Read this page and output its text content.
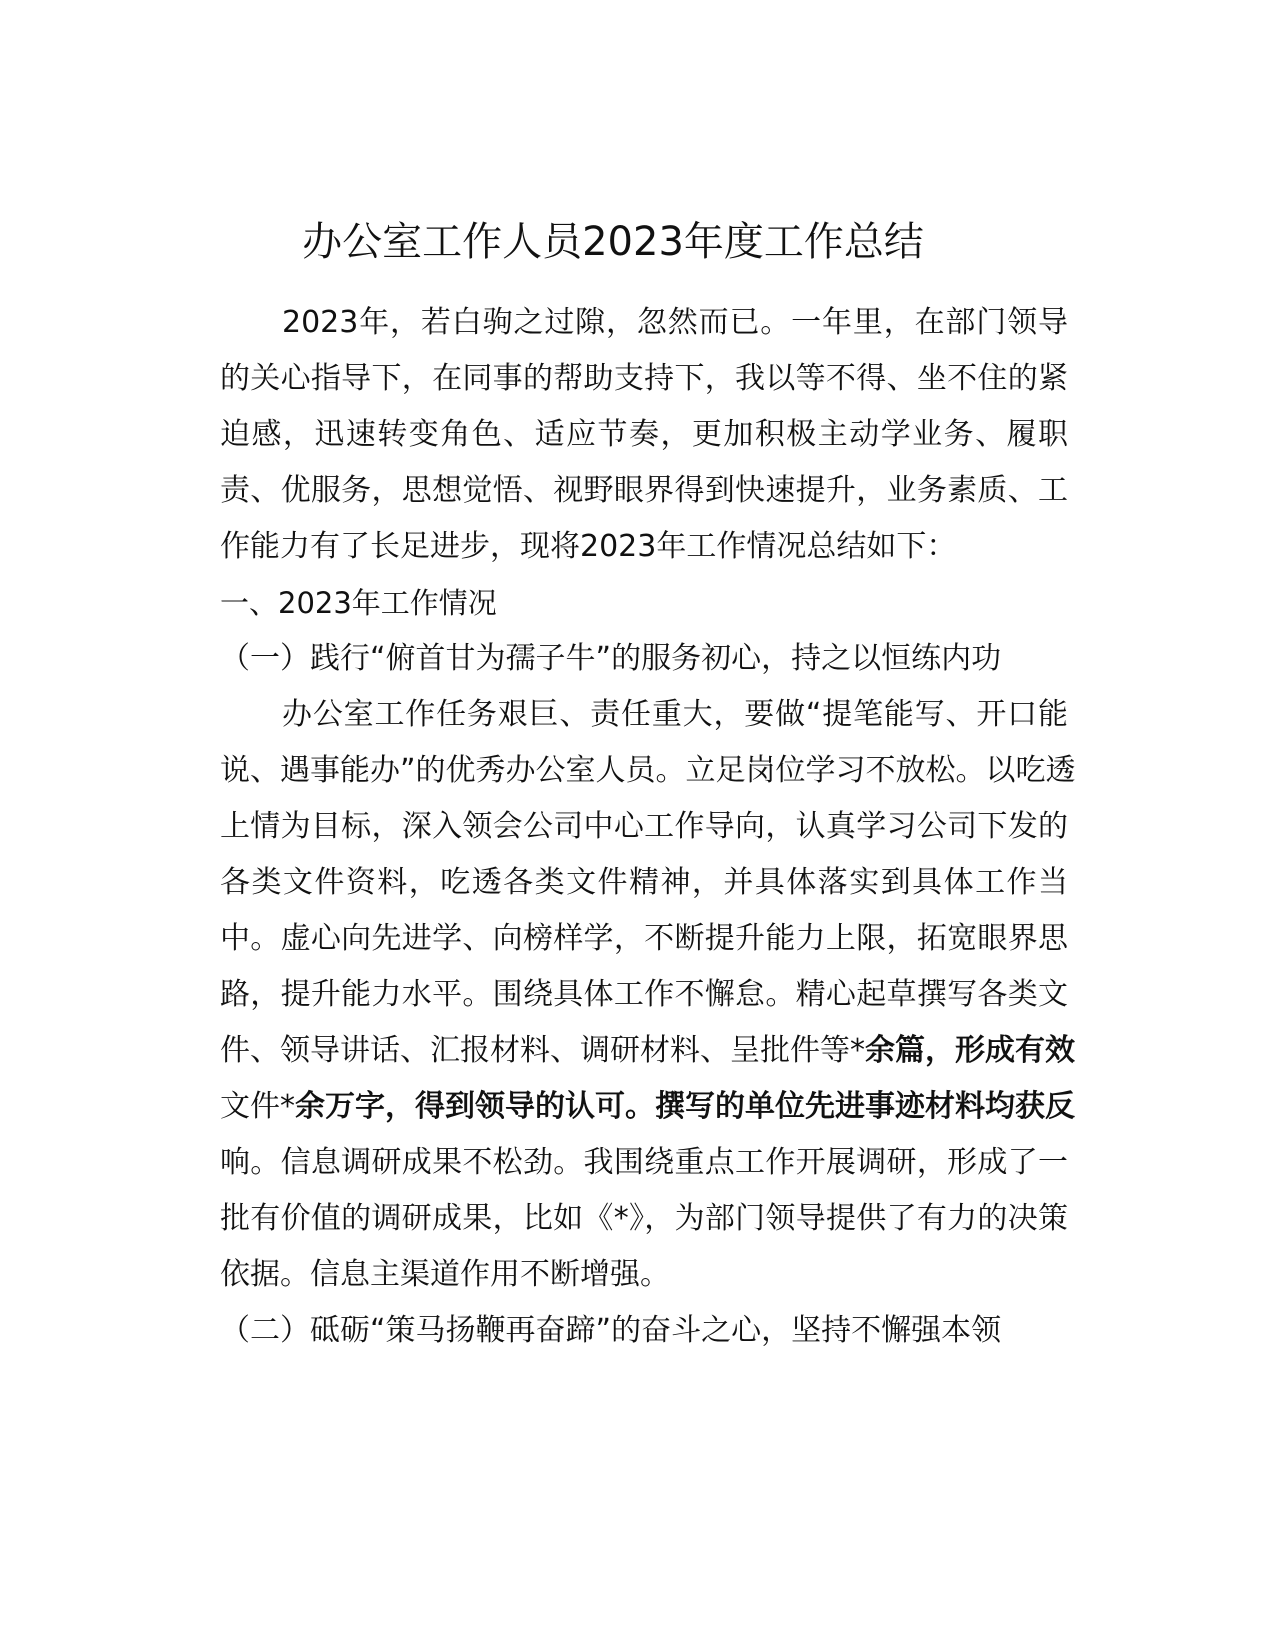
办公室工作人员2023年度工作总结
2023年，若白驹之过隙，忽然而已。一年里，在部门领导
的关心指导下，在同事的帮助支持下，我以等不得、坐不住的紧
迫感，迅速转变角色、适应节奏，更加积极主动学业务、履职
责、优服务，思想觉悟、视野眼界得到快速提升，业务素质、工
作能力有了长足进步，现将2023年工作情况总结如下：
一、2023年工作情况
（一）践行“俯首甘为孺子牛”的服务初心，持之以恒练内功
办公室工作任务艰巨、责任重大，要做“提笔能写、开口能
说、遇事能办”的优秀办公室人员。立足岗位学习不放松。以吃透
上情为目标，深入领会公司中心工作导向，认真学习公司下发的
各类文件资料，吃透各类文件精神，并具体落实到具体工作当
中。虚心向先进学、向榜样学，不断提升能力上限，拓宽眼界思
路，提升能力水平。围绕具体工作不懈怠。精心起草撰写各类文
件、领导讲话、汇报材料、调研材料、呈批件等*余篇，形成有效
文件*余万字，得到领导的认可。撰写的单位先进事迹材料均获反
响。信息调研成果不松劲。我围绕重点工作开展调研，形成了一
批有价值的调研成果，比如《*》，为部门领导提供了有力的决策
依据。信息主渠道作用不断增强。
（二）砥砺“策马扬鞭再奋蹄”的奋斗之心，坚持不懈强本领
